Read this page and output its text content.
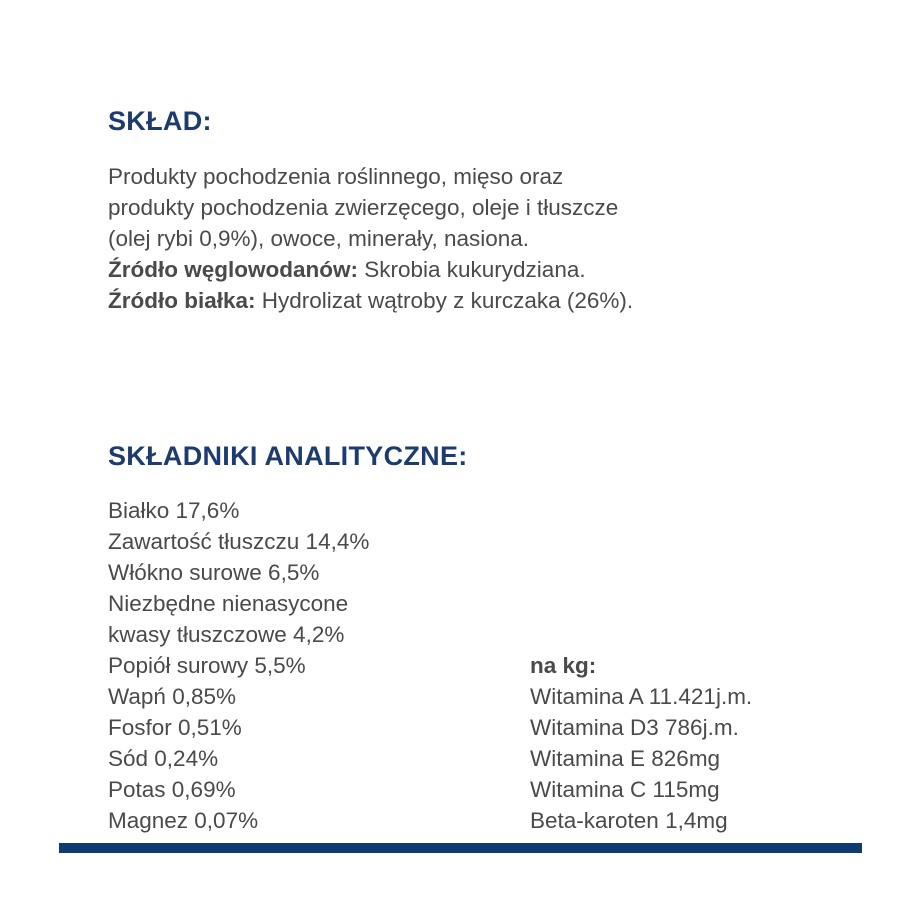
SKŁAD:
Produkty pochodzenia roślinnego, mięso oraz
produkty pochodzenia zwierzęcego, oleje i tłuszcze
(olej rybi 0,9%), owoce, minerały, nasiona.
Źródło węglowodanów: Skrobia kukurydziana.
Źródło białka: Hydrolizat wątroby z kurczaka (26%).
SKŁADNIKI ANALITYCZNE:
Białko 17,6%
Zawartość tłuszczu 14,4%
Włókno surowe 6,5%
Niezbędne nienasycone
kwasy tłuszczowe 4,2%
Popiół surowy 5,5%
Wapń 0,85%
Fosfor 0,51%
Sód 0,24%
Potas 0,69%
Magnez 0,07%
na kg:
Witamina A 11.421j.m.
Witamina D3 786j.m.
Witamina E 826mg
Witamina C 115mg
Beta-karoten 1,4mg
